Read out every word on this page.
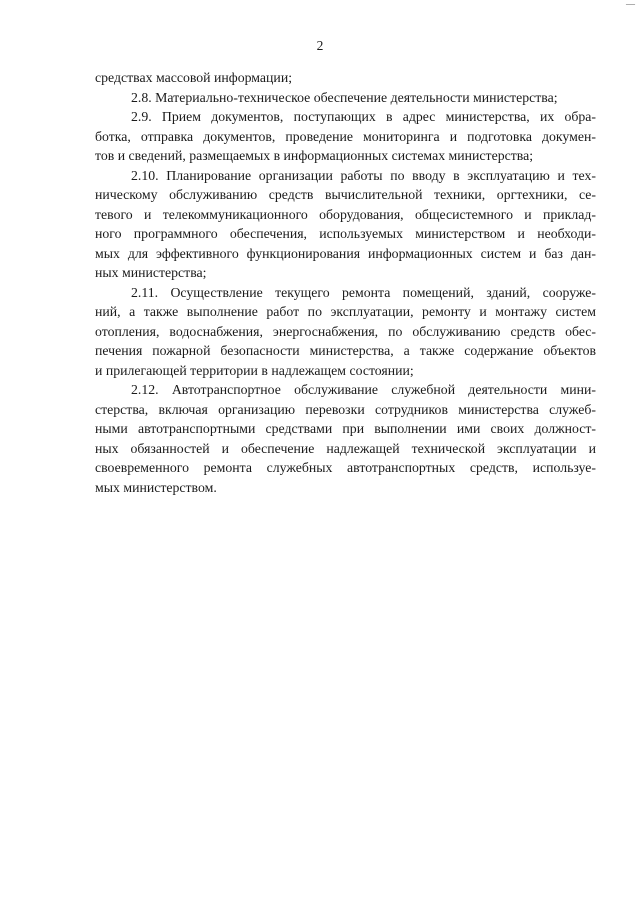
—
2
средствах массовой информации;
2.8. Материально-техническое обеспечение деятельности министерства;
2.9. Прием документов, поступающих в адрес министерства, их обра-
ботка, отправка документов, проведение мониторинга и подготовка докумен-
тов и сведений, размещаемых в информационных системах министерства;
2.10. Планирование организации работы по вводу в эксплуатацию и тех-
ническому обслуживанию средств вычислительной техники, оргтехники, се-
тевого и телекоммуникационного оборудования, общесистемного и приклад-
ного программного обеспечения, используемых министерством и необходи-
мых для эффективного функционирования информационных систем и баз дан-
ных министерства;
2.11. Осуществление текущего ремонта помещений, зданий, сооруже-
ний, а также выполнение работ по эксплуатации, ремонту и монтажу систем
отопления, водоснабжения, энергоснабжения, по обслуживанию средств обес-
печения пожарной безопасности министерства, а также содержание объектов
и прилегающей территории в надлежащем состоянии;
2.12. Автотранспортное обслуживание служебной деятельности мини-
стерства, включая организацию перевозки сотрудников министерства служеб-
ными автотранспортными средствами при выполнении ими своих должност-
ных обязанностей и обеспечение надлежащей технической эксплуатации и
своевременного ремонта служебных автотранспортных средств, используе-
мых министерством.
